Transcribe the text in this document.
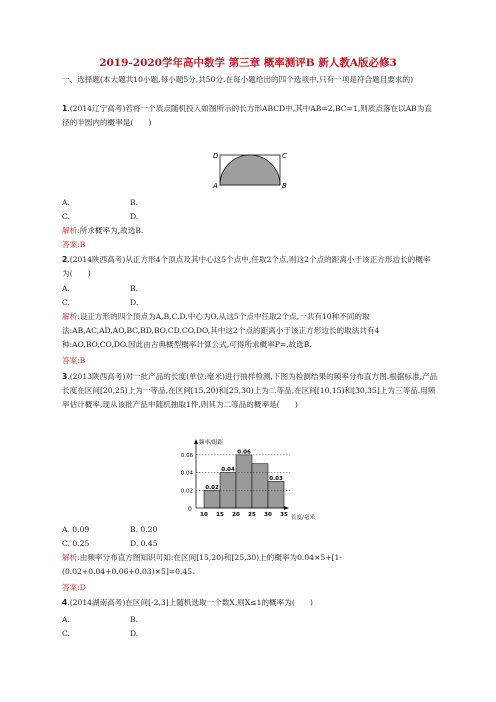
2019-2020学年高中数学 第三章 概率测评B 新人教A版必修3

一、选择题(本大题共10小题,每小题5分,共50分.在每小题给出的四个选项中,只有一项是符合题目要求的)

1.(2014辽宁高考)若将一个质点随机投入如图所示的长方形ABCD中,其中AB=2,BC=1,则质点落在以AB为直径的半圆内的概率是(　　)

D	C
A	B
A.	B.
C.	D.

解析:所求概率为,故选B.

答案:B

2.(2014陕西高考)从正方形4个顶点及其中心这5个点中,任取2个点,则这2个点的距离小于该正方形边长的概率为(　　)

A.	B.
C.	D.

解析:设正方形的四个顶点为A,B,C,D,中心为O,从这5个点中任取2个点,一共有10种不同的取法:AB,AC,AD,AO,BC,BD,BO,CD,CO,DO,其中这2个点的距离小于该正方形边长的取法共有4种:AO,BO,CO,DO.因此由古典概型概率计算公式,可得所求概率P=,故选B.

答案:B

3.(2013陕西高考)对一批产品的长度(单位:毫米)进行抽样检测,下图为检测结果的频率分布直方图.根据标准,产品长度在区间[20,25)上为一等品,在区间[15,20)和[25,30)上为二等品,在区间[10,15)和[30,35]上为三等品.用频率估计概率,现从该批产品中随机抽取1件,则其为二等品的概率是(　　)

频率/组距
长度/毫米
0
0.02
0.04
0.06
0.03
0.02
0.04
0.06
10 15 20 25 30 35
A. 0.09	B. 0.20
C. 0.25	D. 0.45

解析:由频率分布直方图知识可知:在区间[15,20)和[25,30)上的概率为0.04×5+[1-(0.02+0.04+0.06+0.03)×5]=0.45.

答案:D

4.(2014湖南高考)在区间[-2,3]上随机选取一个数X,则X≤1的概率为(　　)

A.	B.
C.	D.
